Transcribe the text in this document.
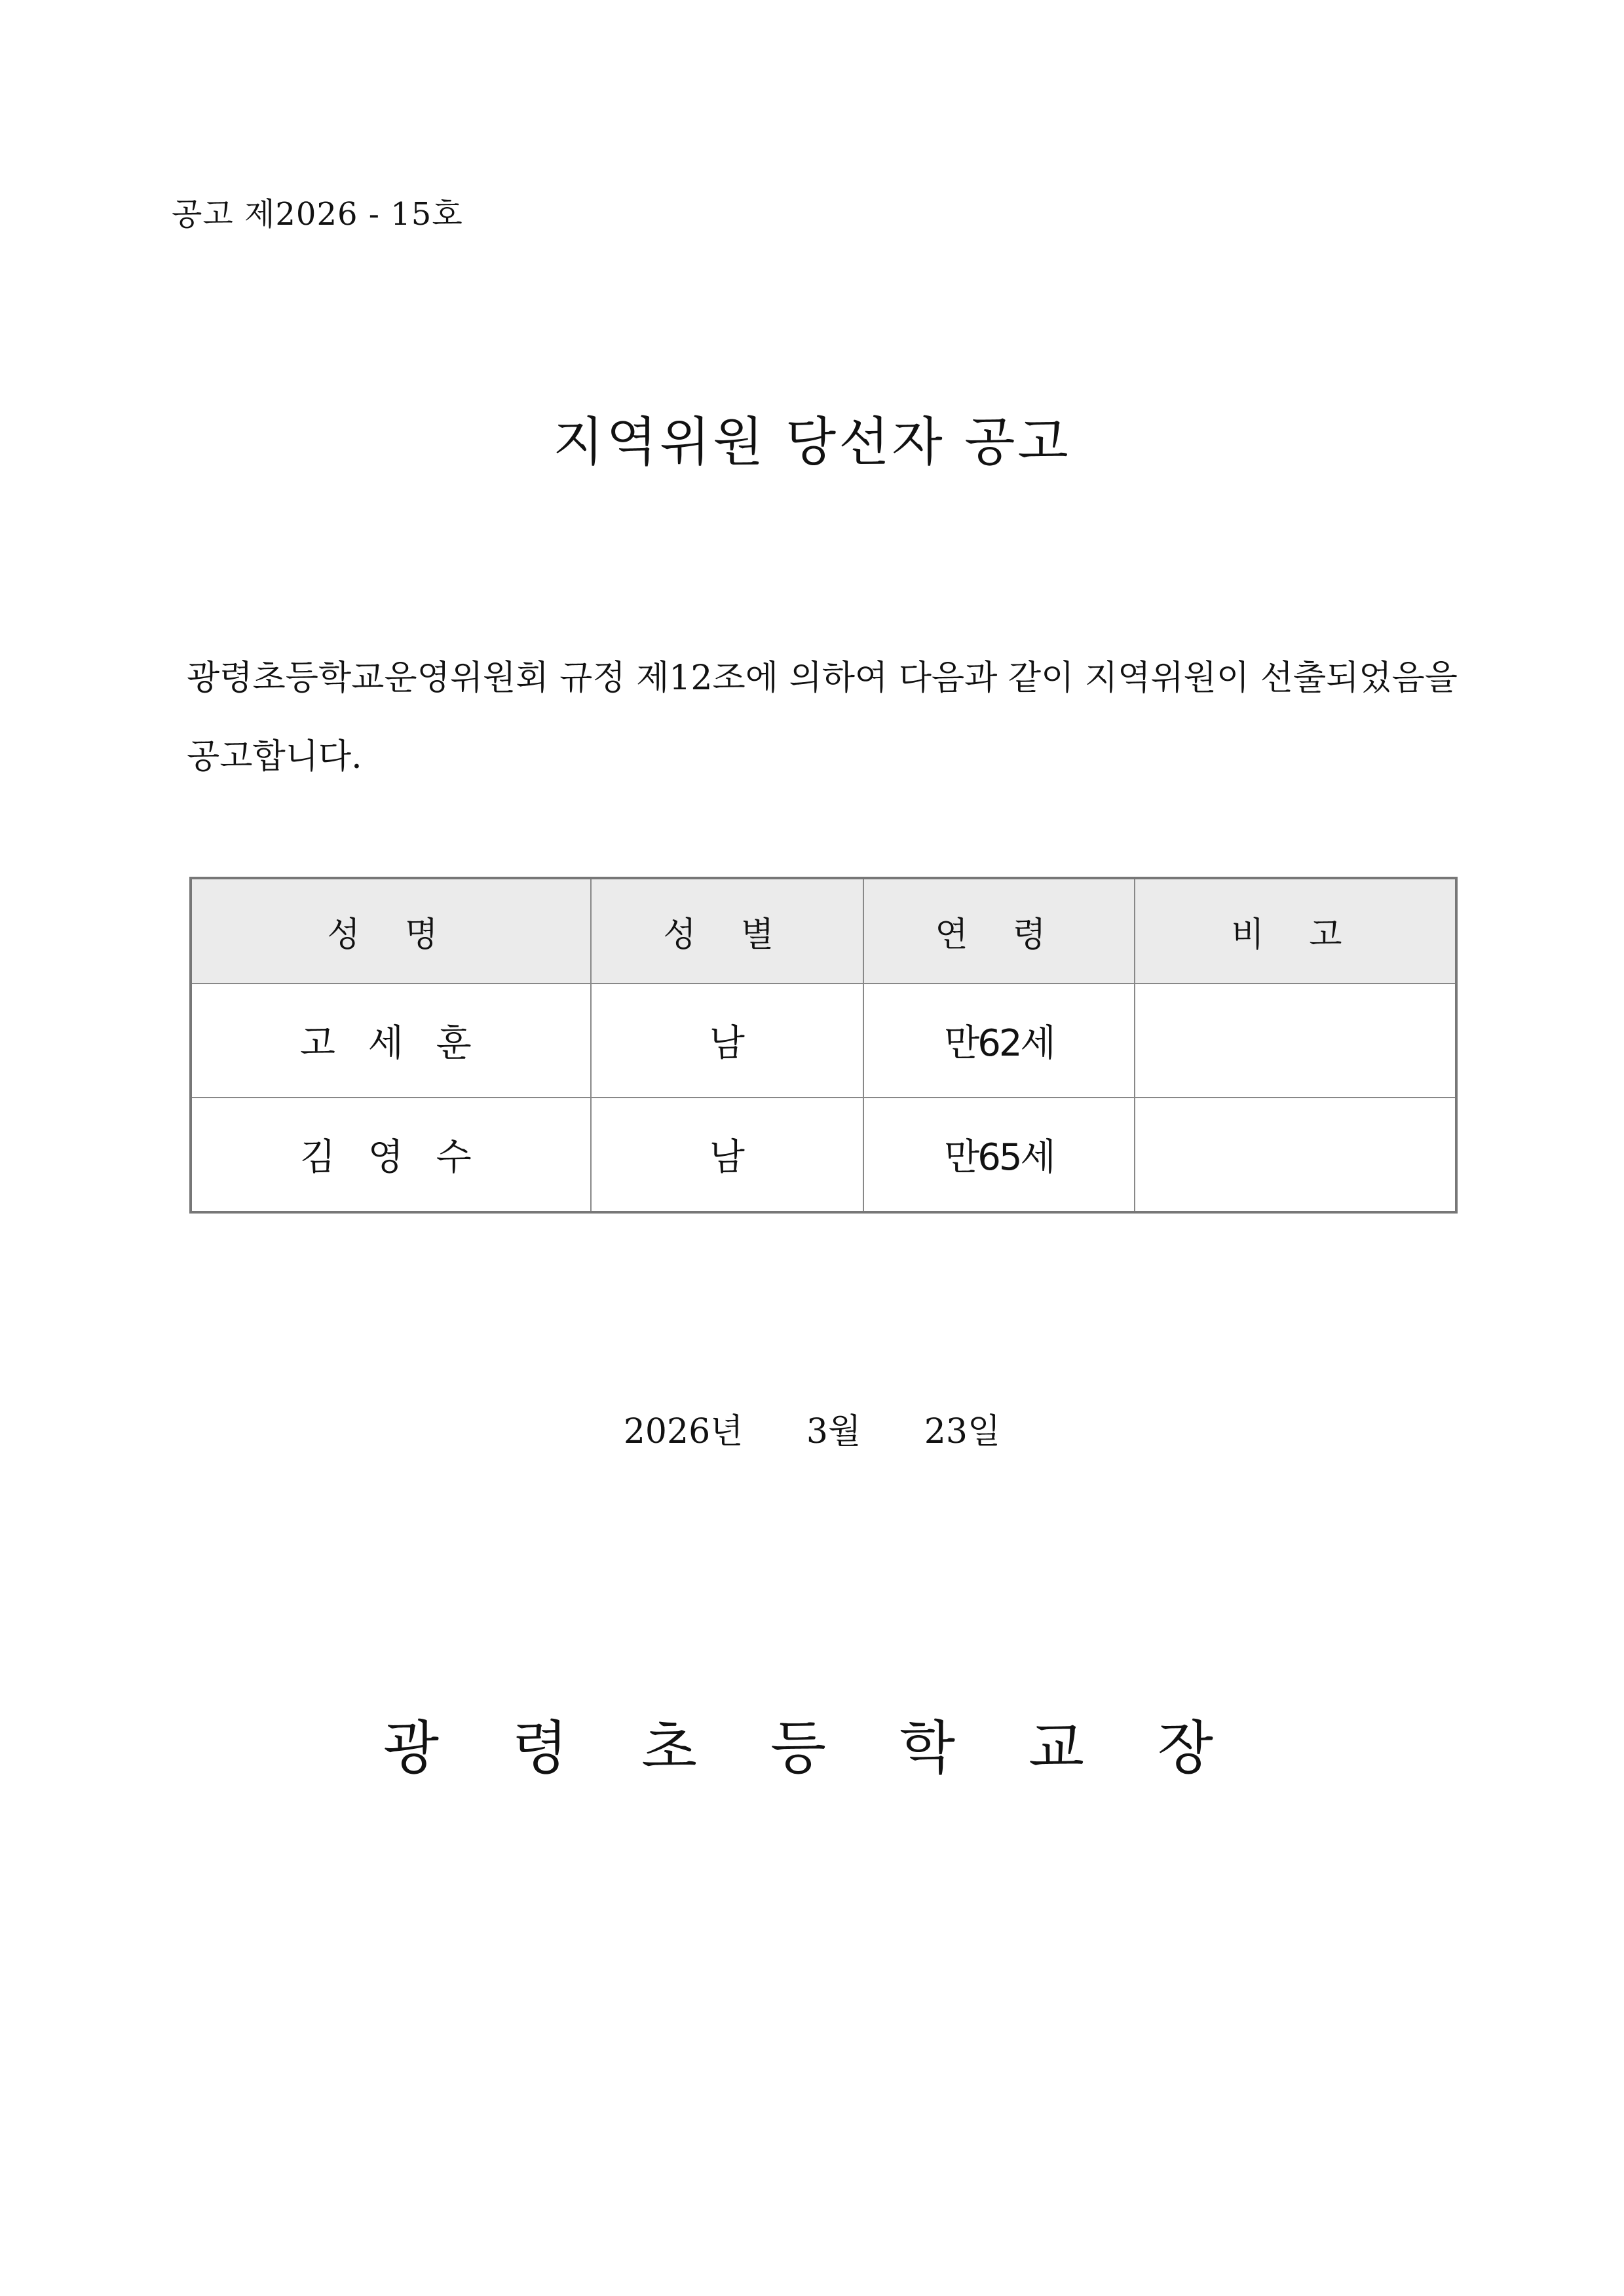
공고 제2026 - 15호
지역위원 당선자 공고
광령초등학교운영위원회 규정 제12조에 의하여 다음과 같이 지역위원이 선출되었음을 공고합니다.
성 명	성 별	연 령	비 고
고 세 훈	남	만62세	
김 영 수	남	만65세	
2026년 3월 23일
광 령 초 등 학 교 장
